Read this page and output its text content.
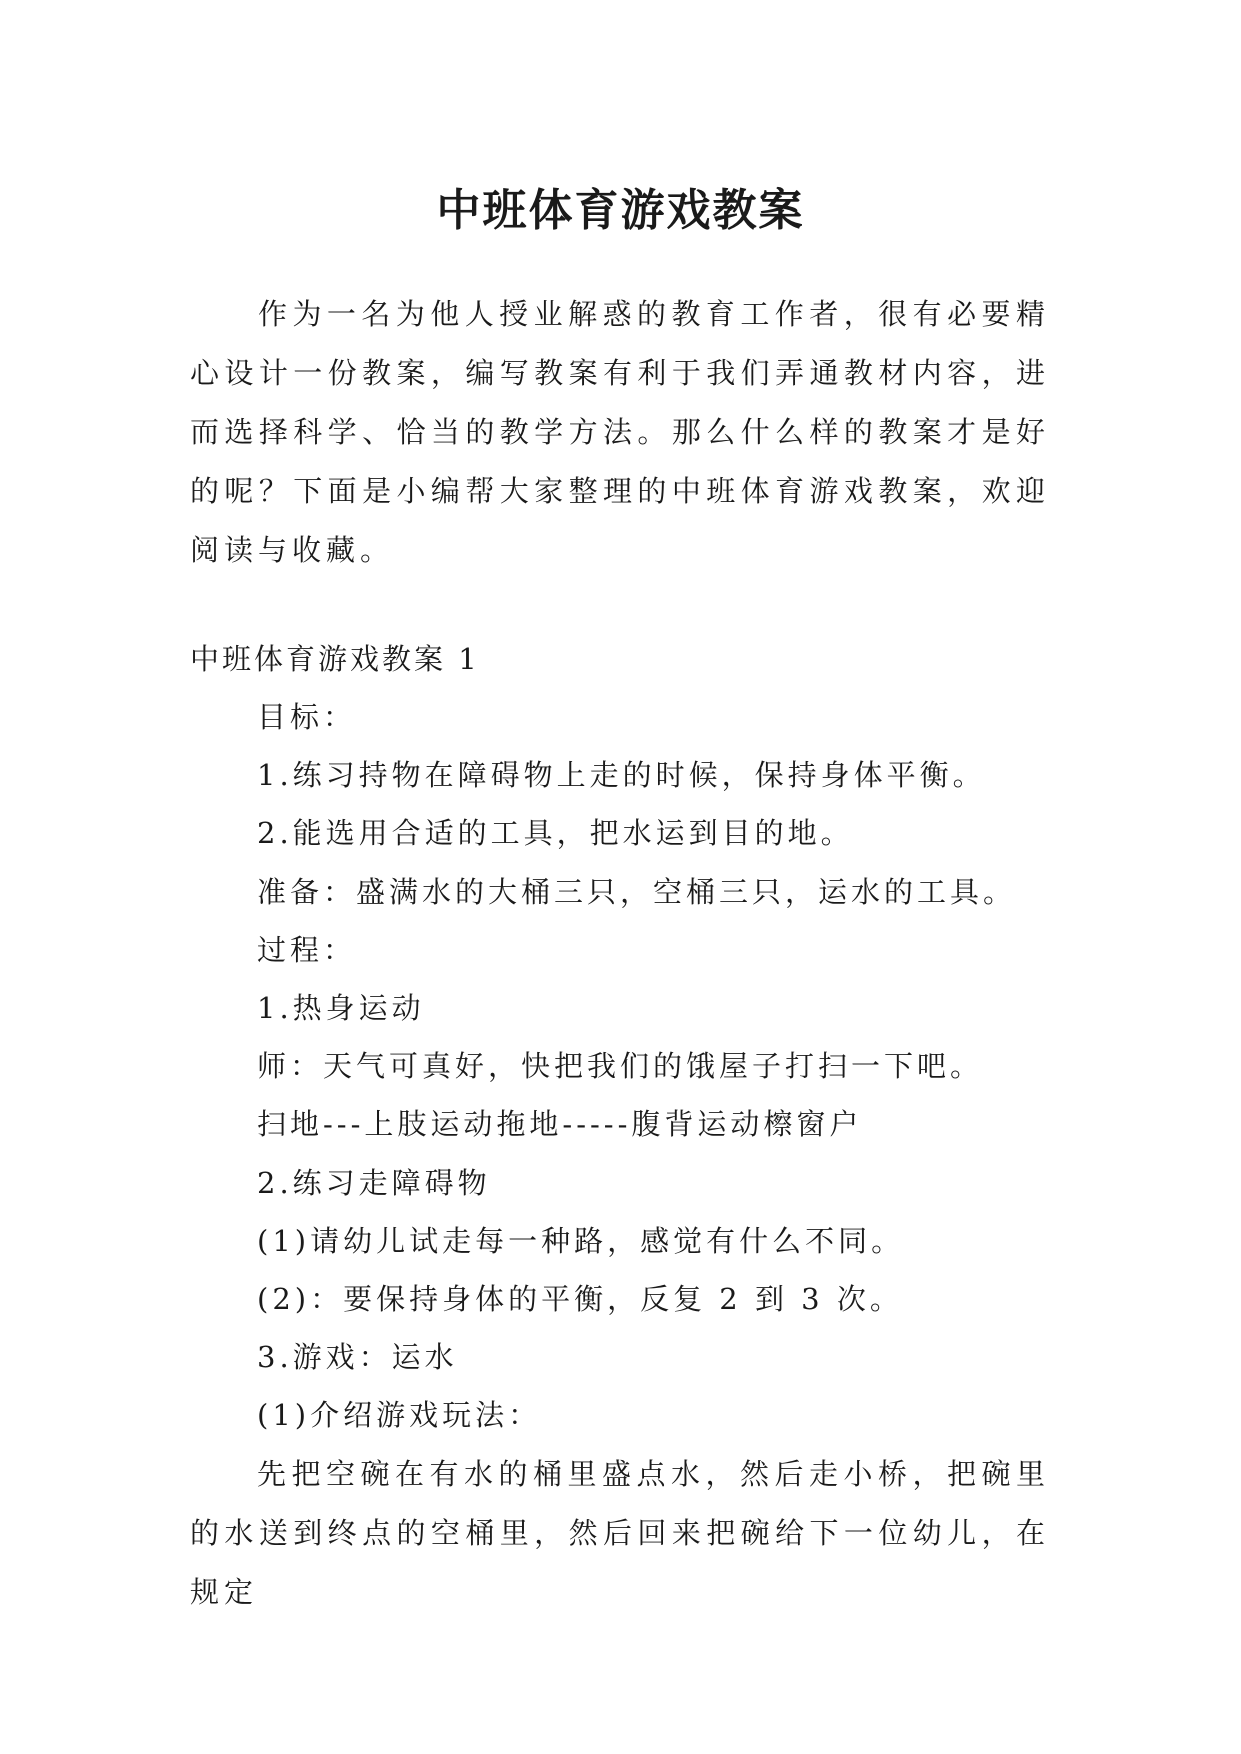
中班体育游戏教案

作为一名为他人授业解惑的教育工作者，很有必要精心设计一份教案，编写教案有利于我们弄通教材内容，进而选择科学、恰当的教学方法。那么什么样的教案才是好的呢？下面是小编帮大家整理的中班体育游戏教案，欢迎阅读与收藏。

中班体育游戏教案 1

目标：
1.练习持物在障碍物上走的时候，保持身体平衡。
2.能选用合适的工具，把水运到目的地。
准备：盛满水的大桶三只，空桶三只，运水的工具。
过程：
1.热身运动
师：天气可真好，快把我们的饿屋子打扫一下吧。
扫地---上肢运动拖地-----腹背运动檫窗户
2.练习走障碍物
(1)请幼儿试走每一种路，感觉有什么不同。
(2)：要保持身体的平衡，反复 2 到 3 次。
3.游戏：运水
(1)介绍游戏玩法：

先把空碗在有水的桶里盛点水，然后走小桥，把碗里的水送到终点的空桶里，然后回来把碗给下一位幼儿，在规定
